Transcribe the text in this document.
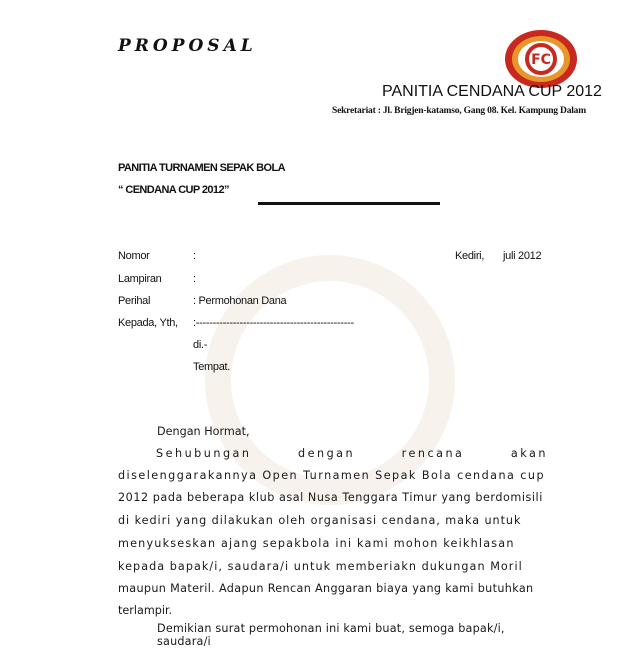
PROPOSAL
FC
PANITIA CENDANA CUP 2012
Sekretariat : Jl. Brigjen-katamso, Gang 08. Kel. Kampung Dalam
PANITIA TURNAMEN SEPAK BOLA
“ CENDANA CUP 2012”
Nomor	:	Kediri, juli 2012
Lampiran	:
Perihal	: Permohonan Dana
Kepada, Yth, :-----------------------------------------------
di.-
Tempat.
Dengan Hormat,
Sehubungan	dengan	rencana	akan
diselenggarakannya Open Turnamen Sepak Bola cendana cup
2012 pada beberapa klub asal Nusa Tenggara Timur yang berdomisili
di kediri yang dilakukan oleh organisasi cendana, maka untuk
menyukseskan ajang sepakbola ini kami mohon keikhlasan
kepada bapak/i, saudara/i untuk memberiakn dukungan Moril
maupun Materil. Adapun Rencan Anggaran biaya yang kami butuhkan
terlampir.
Demikian surat permohonan ini kami buat, semoga bapak/i, saudara/i
